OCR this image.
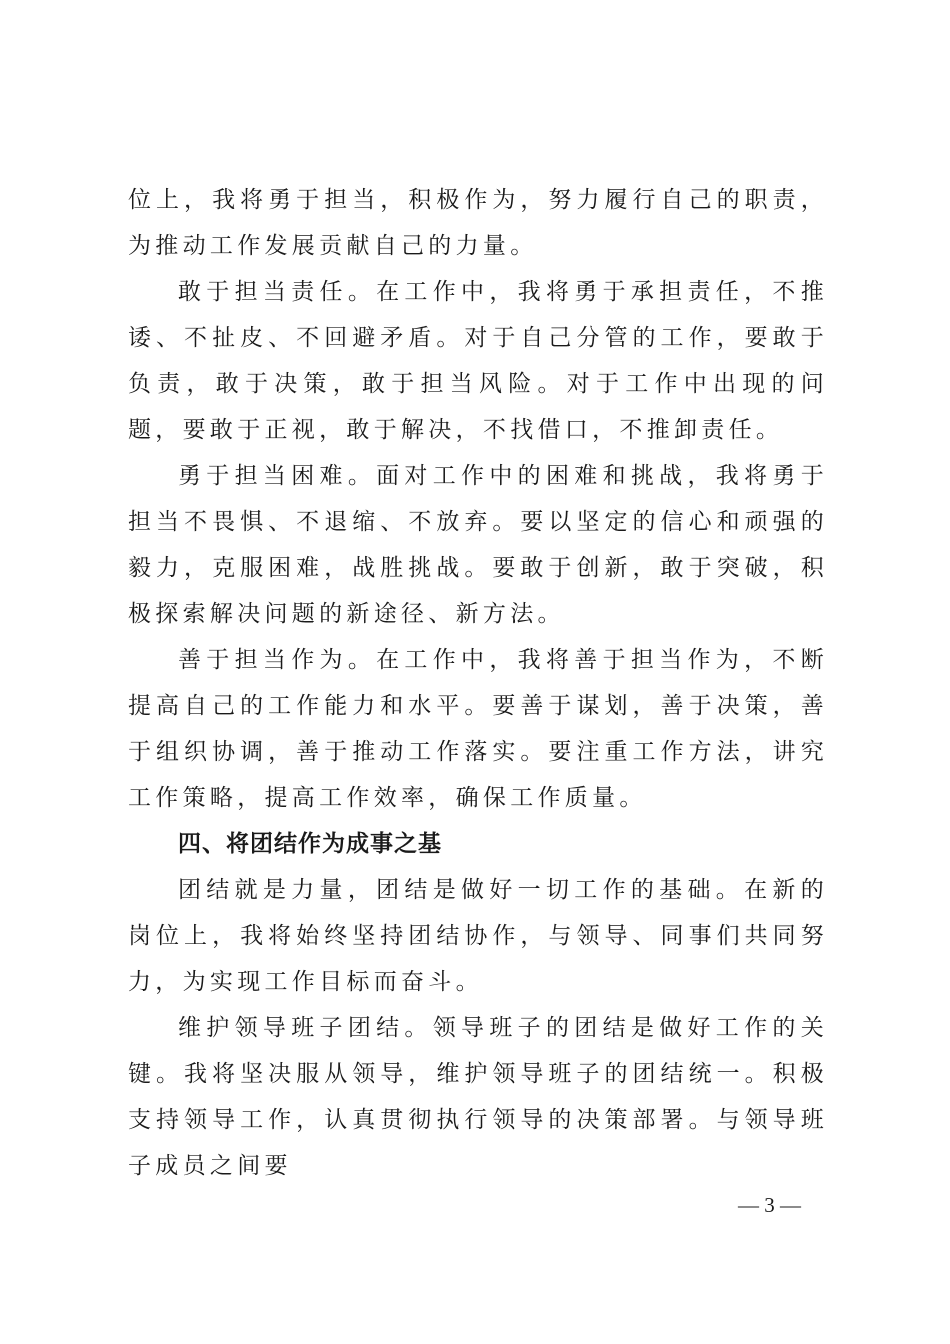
位上，我将勇于担当，积极作为，努力履行自己的职责，为推动工作发展贡献自己的力量。

敢于担当责任。在工作中，我将勇于承担责任，不推诿、不扯皮、不回避矛盾。对于自己分管的工作，要敢于负责，敢于决策，敢于担当风险。对于工作中出现的问题，要敢于正视，敢于解决，不找借口，不推卸责任。

勇于担当困难。面对工作中的困难和挑战，我将勇于担当不畏惧、不退缩、不放弃。要以坚定的信心和顽强的毅力，克服困难，战胜挑战。要敢于创新，敢于突破，积极探索解决问题的新途径、新方法。

善于担当作为。在工作中，我将善于担当作为，不断提高自己的工作能力和水平。要善于谋划，善于决策，善于组织协调，善于推动工作落实。要注重工作方法，讲究工作策略，提高工作效率，确保工作质量。

四、将团结作为成事之基

团结就是力量，团结是做好一切工作的基础。在新的岗位上，我将始终坚持团结协作，与领导、同事们共同努力，为实现工作目标而奋斗。

维护领导班子团结。领导班子的团结是做好工作的关键。我将坚决服从领导，维护领导班子的团结统一。积极支持领导工作，认真贯彻执行领导的决策部署。与领导班子成员之间要

— 3 —
